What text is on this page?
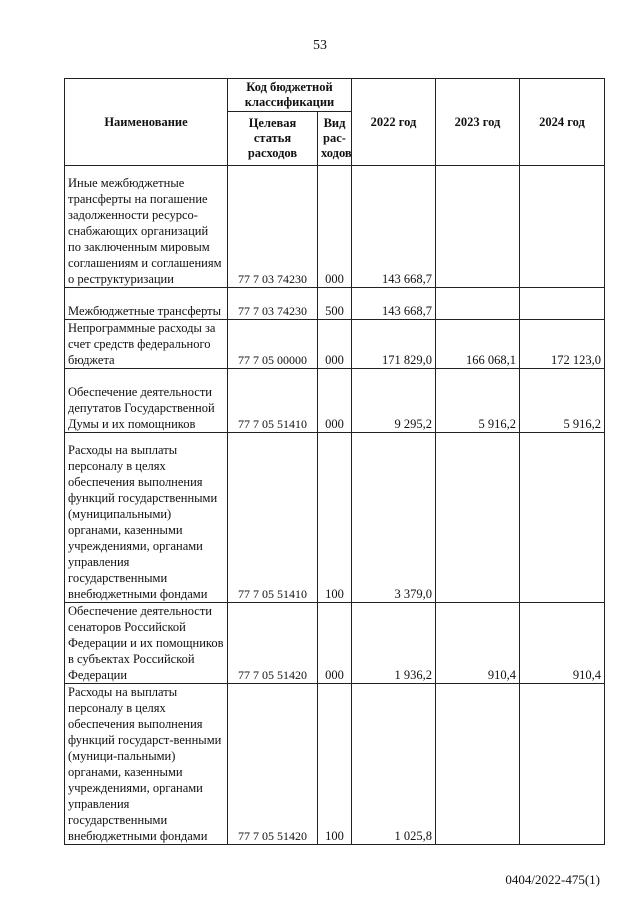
53
Наименование	Код бюджетной классификации		2022 год	2023 год	2024 год
	Целевая статья расходов	Вид рас-ходов			
Иные межбюджетные трансферты на погашение задолженности ресурсо-снабжающих организаций по заключенным мировым соглашениям и соглашениям о реструктуризации	77 7 03 74230	000	143 668,7		
Межбюджетные трансферты	77 7 03 74230	500	143 668,7		
Непрограммные расходы за счет средств федерального бюджета	77 7 05 00000	000	171 829,0	166 068,1	172 123,0
Обеспечение деятельности депутатов Государственной Думы и их помощников	77 7 05 51410	000	9 295,2	5 916,2	5 916,2
Расходы на выплаты персоналу в целях обеспечения выполнения функций государственными (муниципальными) органами, казенными учреждениями, органами управления государственными внебюджетными фондами	77 7 05 51410	100	3 379,0		
Обеспечение деятельности сенаторов Российской Федерации и их помощников в субъектах Российской Федерации	77 7 05 51420	000	1 936,2	910,4	910,4
Расходы на выплаты персоналу в целях обеспечения выполнения функций государст-венными (муници-пальными) органами, казенными учреждениями, органами управления государственными внебюджетными фондами	77 7 05 51420	100	1 025,8		
0404/2022-475(1)
